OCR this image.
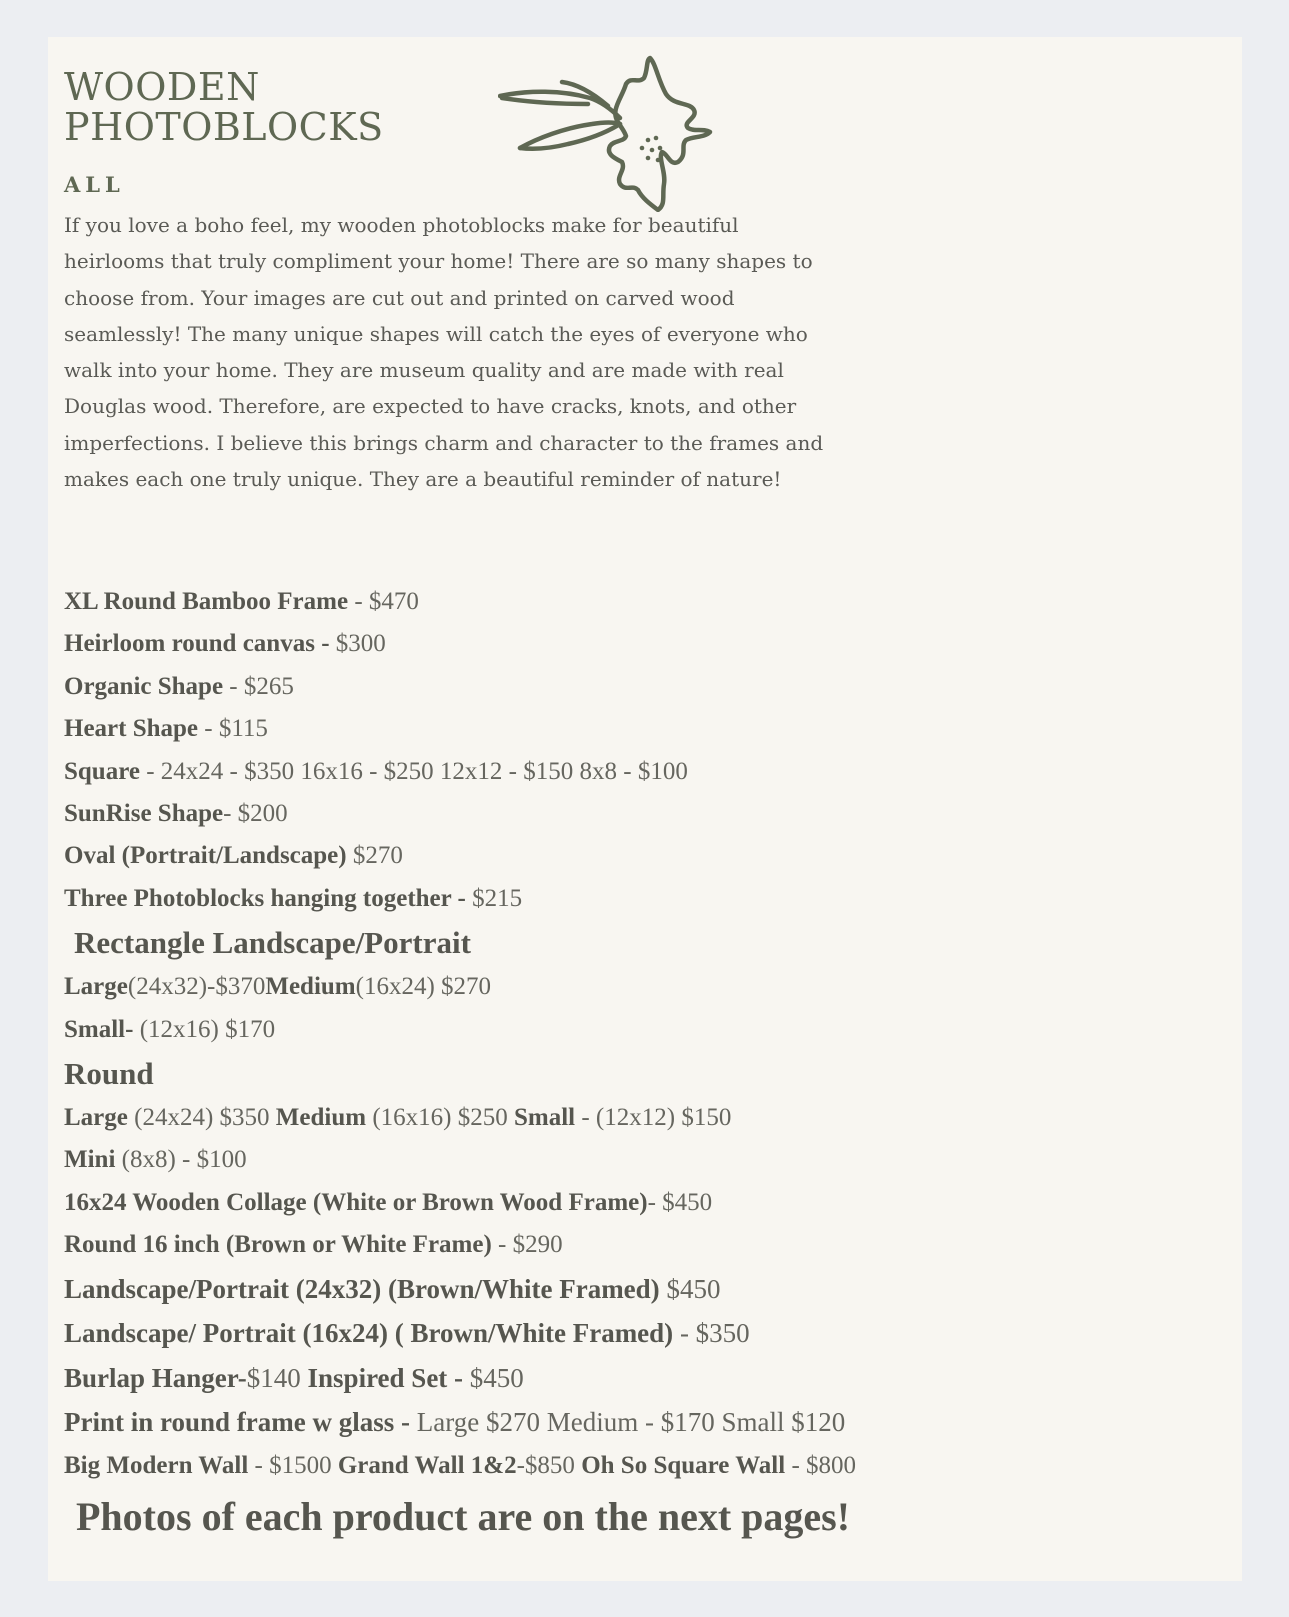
WOODEN
PHOTOBLOCKS
ALL

If you love a boho feel, my wooden photoblocks make for beautiful heirlooms that truly compliment your home! There are so many shapes to choose from. Your images are cut out and printed on carved wood seamlessly! The many unique shapes will catch the eyes of everyone who walk into your home. They are museum quality and are made with real Douglas wood. Therefore, are expected to have cracks, knots, and other imperfections. I believe this brings charm and character to the frames and makes each one truly unique. They are a beautiful reminder of nature!

XL Round Bamboo Frame - $470
Heirloom round canvas - $300
Organic Shape - $265
Heart Shape - $115
Square - 24x24 - $350 16x16 - $250 12x12 - $150 8x8 - $100
SunRise Shape- $200
Oval (Portrait/Landscape) $270
Three Photoblocks hanging together - $215
Rectangle Landscape/Portrait
Large(24x32)-$370Medium(16x24) $270
Small- (12x16) $170
Round
Large (24x24) $350 Medium (16x16) $250 Small - (12x12) $150
Mini (8x8) - $100
16x24 Wooden Collage (White or Brown Wood Frame)- $450
Round 16 inch (Brown or White Frame) - $290
Landscape/Portrait (24x32) (Brown/White Framed) $450
Landscape/ Portrait (16x24) ( Brown/White Framed) - $350
Burlap Hanger-$140 Inspired Set - $450
Print in round frame w glass - Large $270 Medium - $170 Small $120
Big Modern Wall - $1500 Grand Wall 1&2-$850 Oh So Square Wall - $800
Photos of each product are on the next pages!
